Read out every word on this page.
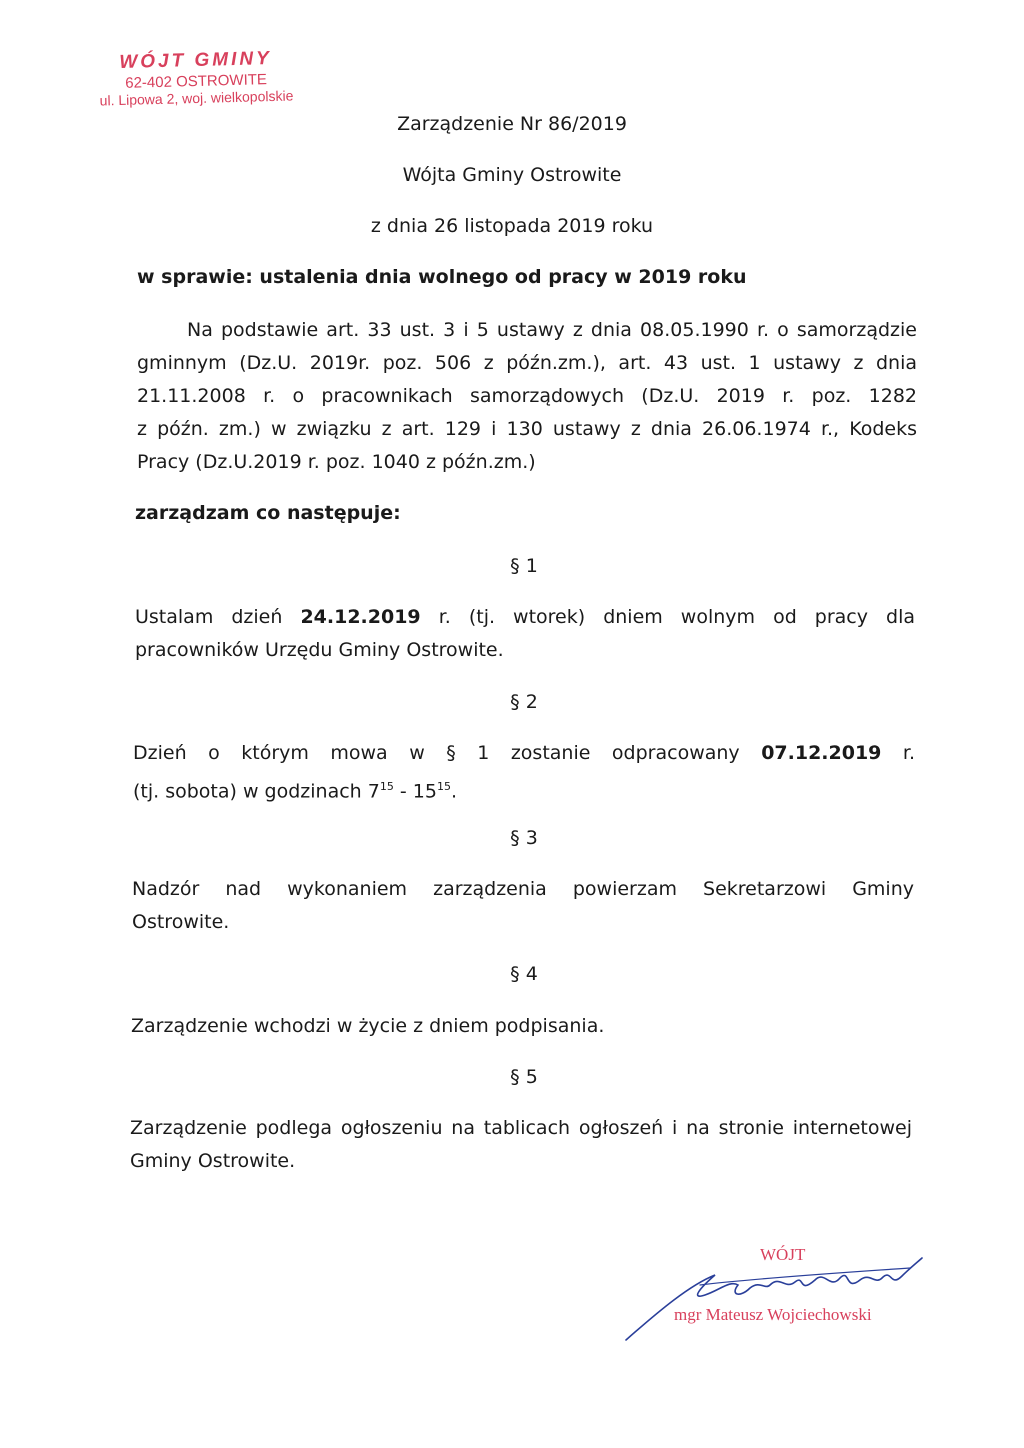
WÓJT GMINY
62-402 OSTROWITE
ul. Lipowa 2, woj. wielkopolskie
Zarządzenie Nr 86/2019
Wójta Gminy Ostrowite
z dnia 26 listopada 2019 roku
w sprawie: ustalenia dnia wolnego od pracy w 2019 roku
Na podstawie art. 33 ust. 3 i 5 ustawy z dnia 08.05.1990 r. o samorządzie
gminnym (Dz.U. 2019r. poz. 506 z późn.zm.), art. 43 ust. 1 ustawy z dnia
21.11.2008 r. o pracownikach samorządowych (Dz.U. 2019 r. poz. 1282
z późn. zm.) w związku z art. 129 i 130 ustawy z dnia 26.06.1974 r., Kodeks
Pracy (Dz.U.2019 r. poz. 1040 z późn.zm.)
zarządzam co następuje:
§ 1
Ustalam dzień 24.12.2019 r. (tj. wtorek) dniem wolnym od pracy dla
pracowników Urzędu Gminy Ostrowite.
§ 2
Dzień o którym mowa w § 1 zostanie odpracowany 07.12.2019 r.
(tj. sobota) w godzinach $7^{15} - 15^{15}$.
§ 3
Nadzór nad wykonaniem zarządzenia powierzam Sekretarzowi Gminy
Ostrowite.
§ 4
Zarządzenie wchodzi w życie z dniem podpisania.
§ 5
Zarządzenie podlega ogłoszeniu na tablicach ogłoszeń i na stronie internetowej
Gminy Ostrowite.
WÓJT
mgr Mateusz Wojciechowski
